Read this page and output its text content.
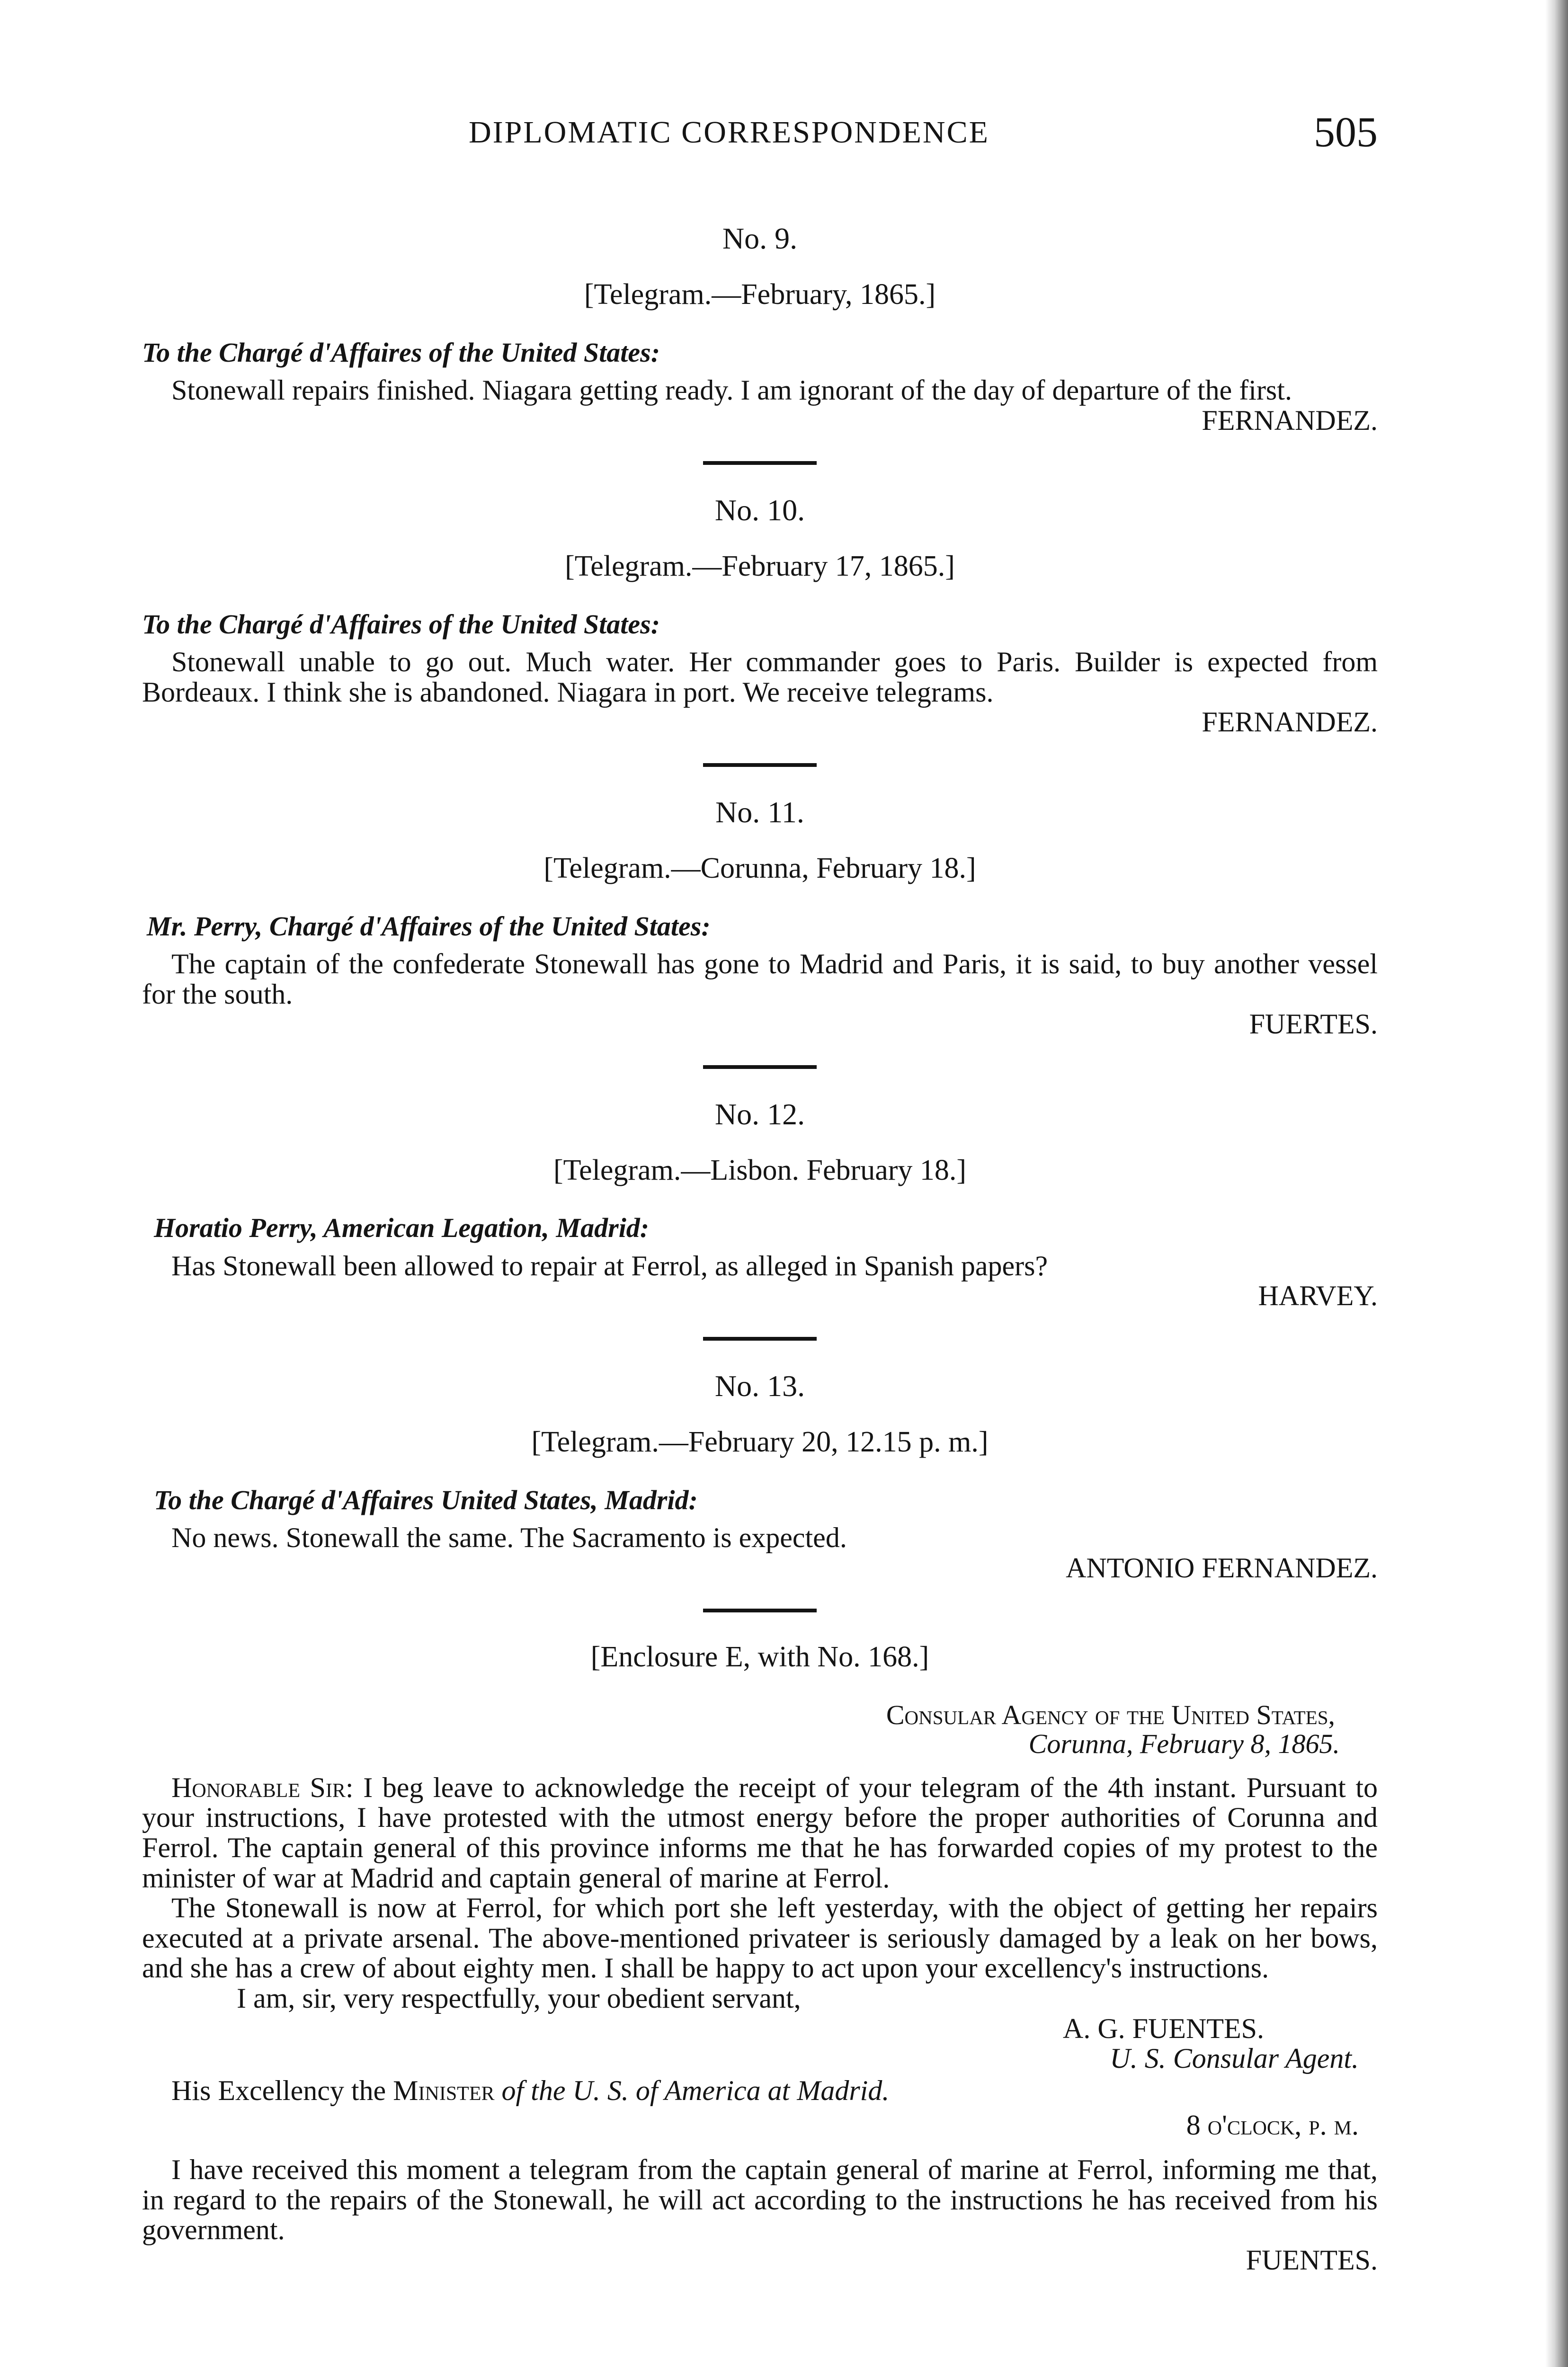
DIPLOMATIC CORRESPONDENCE	505
No. 9.
[Telegram.—February, 1865.]
To the Chargé d'Affaires of the United States:

Stonewall repairs finished. Niagara getting ready. I am ignorant of the day of departure of the first.

FERNANDEZ.
No. 10.
[Telegram.—February 17, 1865.]
To the Chargé d'Affaires of the United States:

Stonewall unable to go out. Much water. Her commander goes to Paris. Builder is expected from Bordeaux. I think she is abandoned. Niagara in port. We receive telegrams.

FERNANDEZ.
No. 11.
[Telegram.—Corunna, February 18.]
Mr. Perry, Chargé d'Affaires of the United States:

The captain of the confederate Stonewall has gone to Madrid and Paris, it is said, to buy another vessel for the south.

FUERTES.
No. 12.
[Telegram.—Lisbon. February 18.]
Horatio Perry, American Legation, Madrid:

Has Stonewall been allowed to repair at Ferrol, as alleged in Spanish papers?

HARVEY.
No. 13.
[Telegram.—February 20, 12.15 p. m.]
To the Chargé d'Affaires United States, Madrid:

No news. Stonewall the same. The Sacramento is expected.

ANTONIO FERNANDEZ.
[Enclosure E, with No. 168.]
Consular Agency of the United States,
Corunna, February 8, 1865.

Honorable Sir: I beg leave to acknowledge the receipt of your telegram of the 4th instant. Pursuant to your instructions, I have protested with the utmost energy before the proper authorities of Corunna and Ferrol. The captain general of this province informs me that he has forwarded copies of my protest to the minister of war at Madrid and captain general of marine at Ferrol.

The Stonewall is now at Ferrol, for which port she left yesterday, with the object of getting her repairs executed at a private arsenal. The above-mentioned privateer is seriously damaged by a leak on her bows, and she has a crew of about eighty men. I shall be happy to act upon your excellency's instructions.

I am, sir, very respectfully, your obedient servant,
A. G. FUENTES.
U. S. Consular Agent.
His Excellency the Minister of the U. S. of America at Madrid.
8 o'clock, p. m.

I have received this moment a telegram from the captain general of marine at Ferrol, informing me that, in regard to the repairs of the Stonewall, he will act according to the instructions he has received from his government.

FUENTES.
